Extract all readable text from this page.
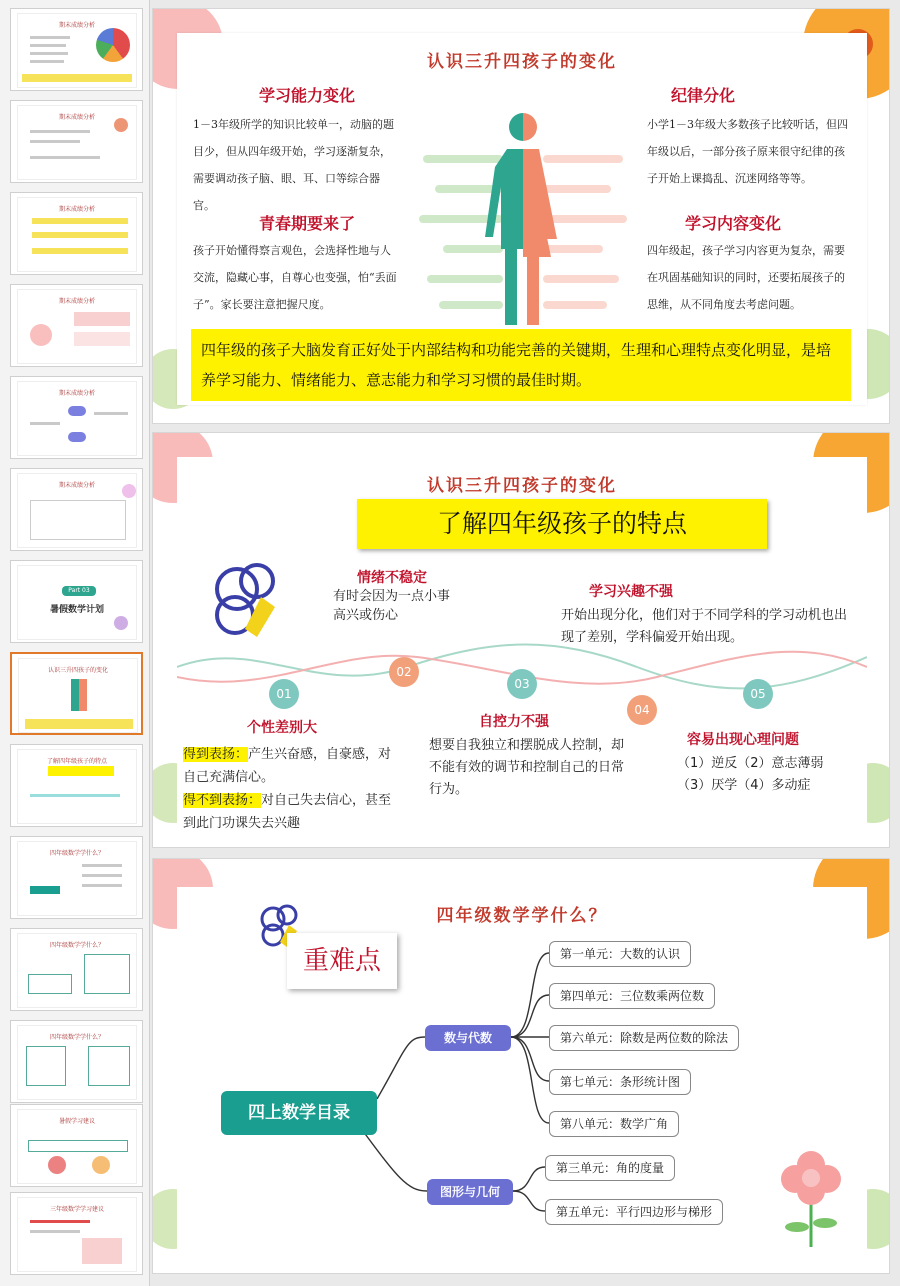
期末成绩分析
期末成绩分析
期末成绩分析
期末成绩分析
期末成绩分析
期末成绩分析
Part 03
暑假数学计划
认识三升四孩子的变化
了解四年级孩子的特点
四年级数学学什么？
四年级数学学什么？
四年级数学学什么？
暑假学习建议
三年级数学学习建议
认识三升四孩子的变化
学习能力变化
1－3年级所学的知识比较单一，动脑的题目少，但从四年级开始，学习逐渐复杂，需要调动孩子脑、眼、耳、口等综合器官。
青春期要来了
孩子开始懂得察言观色，会选择性地与人交流，隐藏心事，自尊心也变强，怕“丢面子”。家长要注意把握尺度。
纪律分化
小学1－3年级大多数孩子比较听话，但四年级以后，一部分孩子原来很守纪律的孩子开始上课捣乱、沉迷网络等等。
学习内容变化
四年级起，孩子学习内容更为复杂，需要在巩固基础知识的同时，还要拓展孩子的思维，从不同角度去考虑问题。
四年级的孩子大脑发育正好处于内部结构和功能完善的关键期，生理和心理特点变化明显，是培养学习能力、情绪能力、意志能力和学习习惯的最佳时期。
认识三升四孩子的变化
了解四年级孩子的特点
01
02
03
04
05
情绪不稳定
有时会因为一点小事高兴或伤心
学习兴趣不强
开始出现分化，他们对于不同学科的学习动机也出现了差别，学科偏爱开始出现。
个性差别大
得到表扬：产生兴奋感，自豪感，对自己充满信心。
得不到表扬：对自己失去信心，甚至到此门功课失去兴趣
自控力不强
想要自我独立和摆脱成人控制，却不能有效的调节和控制自己的日常行为。
容易出现心理问题
（1）逆反（2）意志薄弱
（3）厌学（4）多动症
四年级数学学什么？
重难点
四上数学目录
数与代数
图形与几何
第一单元：大数的认识
第四单元：三位数乘两位数
第六单元：除数是两位数的除法
第七单元：条形统计图
第八单元：数学广角
第三单元：角的度量
第五单元：平行四边形与梯形
